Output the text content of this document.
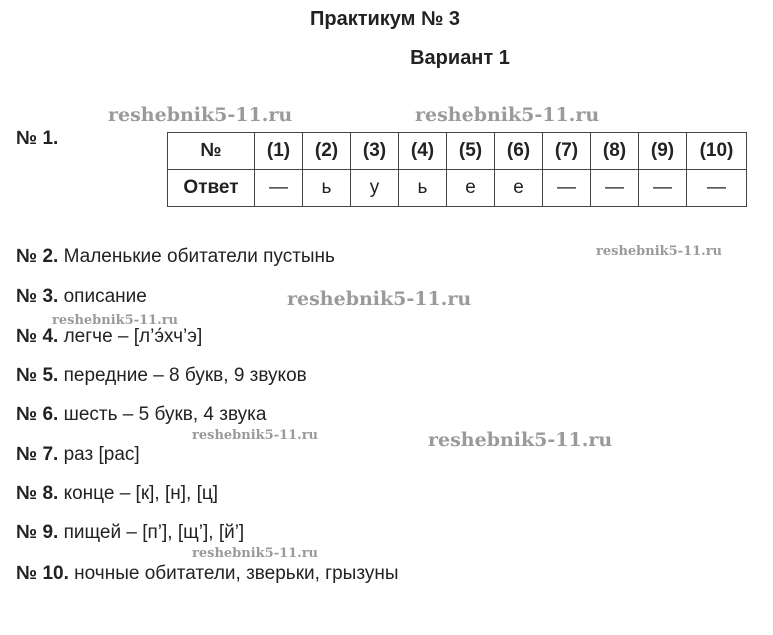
Практикум № 3
Вариант 1
reshebnik5-11.ru	reshebnik5-11.ru
reshebnik5-11.ru
reshebnik5-11.ru
reshebnik5-11.ru
reshebnik5-11.ru	reshebnik5-11.ru
reshebnik5-11.ru
№ 1.
№	(1)	(2)	(3)	(4)	(5)	(6)	(7)	(8)	(9)	(10)
Ответ	—	ь	у	ь	е	е	—	—	—	—
№ 2. Маленькие обитатели пустынь
№ 3. описание
№ 4. легче – [л’э́хч’э]
№ 5. передние – 8 букв, 9 звуков
№ 6. шесть – 5 букв, 4 звука
№ 7. раз [рас]
№ 8. конце – [к], [н], [ц]
№ 9. пищей – [п’], [щ’], [й’]
№ 10. ночные обитатели, зверьки, грызуны
